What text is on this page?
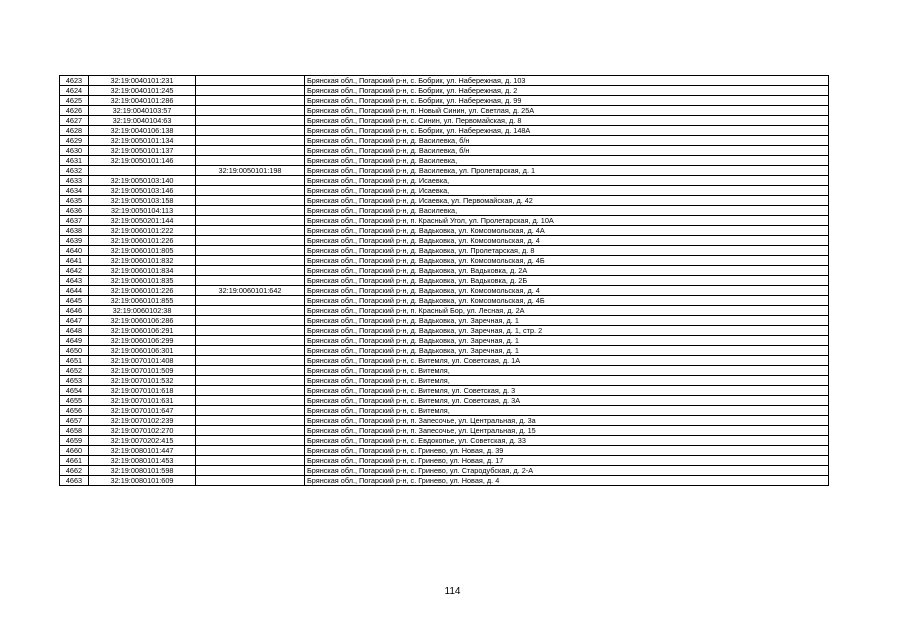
4623	32:19:0040101:231		Брянская обл., Погарский р-н, с. Бобрик, ул. Набережная, д. 103
4624	32:19:0040101:245		Брянская обл., Погарский р-н, с. Бобрик, ул. Набережная, д. 2
4625	32:19:0040101:286		Брянская обл., Погарский р-н, с. Бобрик, ул. Набережная, д. 99
4626	32:19:0040103:57		Брянская обл., Погарский р-н, п. Новый Синин, ул. Светлая, д. 25А
4627	32:19:0040104:63		Брянская обл., Погарский р-н, с. Синин, ул. Первомайская, д. 8
4628	32:19:0040106:138		Брянская обл., Погарский р-н, с. Бобрик, ул. Набережная, д. 148А
4629	32:19:0050101:134		Брянская обл., Погарский р-н, д. Василевка, б/н
4630	32:19:0050101:137		Брянская обл., Погарский р-н, д. Василевка, б/н
4631	32:19:0050101:146		Брянская обл., Погарский р-н, д. Василевка,
4632		32:19:0050101:198	Брянская обл., Погарский р-н, д. Василевка, ул. Пролетарская, д. 1
4633	32:19:0050103:140		Брянская обл., Погарский р-н, д. Исаевка,
4634	32:19:0050103:146		Брянская обл., Погарский р-н, д. Исаевка,
4635	32:19:0050103:158		Брянская обл., Погарский р-н, д. Исаевка, ул. Первомайская, д. 42
4636	32:19:0050104:113		Брянская обл., Погарский р-н, д. Василевка,
4637	32:19:0050201:144		Брянская обл., Погарский р-н, п. Красный Угол, ул. Пролетарская, д. 10А
4638	32:19:0060101:222		Брянская обл., Погарский р-н, д. Вадьковка, ул. Комсомольская, д. 4А
4639	32:19:0060101:226		Брянская обл., Погарский р-н, д. Вадьковка, ул. Комсомольская, д. 4
4640	32:19:0060101:805		Брянская обл., Погарский р-н, д. Вадьковка, ул. Пролетарская, д. 8
4641	32:19:0060101:832		Брянская обл., Погарский р-н, д. Вадьковка, ул. Комсомольская, д. 4Б
4642	32:19:0060101:834		Брянская обл., Погарский р-н, д. Вадьковка, ул. Вадьковка, д. 2А
4643	32:19:0060101:835		Брянская обл., Погарский р-н, д. Вадьковка, ул. Вадьковка, д. 2Б
4644	32:19:0060101:226	32:19:0060101:642	Брянская обл., Погарский р-н, д. Вадьковка, ул. Комсомольская, д. 4
4645	32:19:0060101:855		Брянская обл., Погарский р-н, д. Вадьковка, ул. Комсомольская, д. 4Б
4646	32:19:0060102:38		Брянская обл., Погарский р-н, п. Красный Бор, ул. Лесная, д. 2А
4647	32:19:0060106:286		Брянская обл., Погарский р-н, д. Вадьковка, ул. Заречная, д. 1
4648	32:19:0060106:291		Брянская обл., Погарский р-н, д. Вадьковка, ул. Заречная, д. 1, стр. 2
4649	32:19:0060106:299		Брянская обл., Погарский р-н, д. Вадьковка, ул. Заречная, д. 1
4650	32:19:0060106:301		Брянская обл., Погарский р-н, д. Вадьковка, ул. Заречная, д. 1
4651	32:19:0070101:408		Брянская обл., Погарский р-н, с. Витемля, ул. Советская, д. 1А
4652	32:19:0070101:509		Брянская обл., Погарский р-н, с. Витемля,
4653	32:19:0070101:532		Брянская обл., Погарский р-н, с. Витемля,
4654	32:19:0070101:618		Брянская обл., Погарский р-н, с. Витемля, ул. Советская, д. 3
4655	32:19:0070101:631		Брянская обл., Погарский р-н, с. Витемля, ул. Советская, д. 3А
4656	32:19:0070101:647		Брянская обл., Погарский р-н, с. Витемля,
4657	32:19:0070102:239		Брянская обл., Погарский р-н, п. Запесочье, ул. Центральная, д. 3а
4658	32:19:0070102:270		Брянская обл., Погарский р-н, п. Запесочье, ул. Центральная, д. 15
4659	32:19:0070202:415		Брянская обл., Погарский р-н, с. Евдокопье, ул. Советская, д. 33
4660	32:19:0080101:447		Брянская обл., Погарский р-н, с. Гринево, ул. Новая, д. 39
4661	32:19:0080101:453		Брянская обл., Погарский р-н, с. Гринево, ул. Новая, д. 17
4662	32:19:0080101:598		Брянская обл., Погарский р-н, с. Гринево, ул. Стародубская, д. 2-А
4663	32:19:0080101:609		Брянская обл., Погарский р-н, с. Гринево, ул. Новая, д. 4
114
